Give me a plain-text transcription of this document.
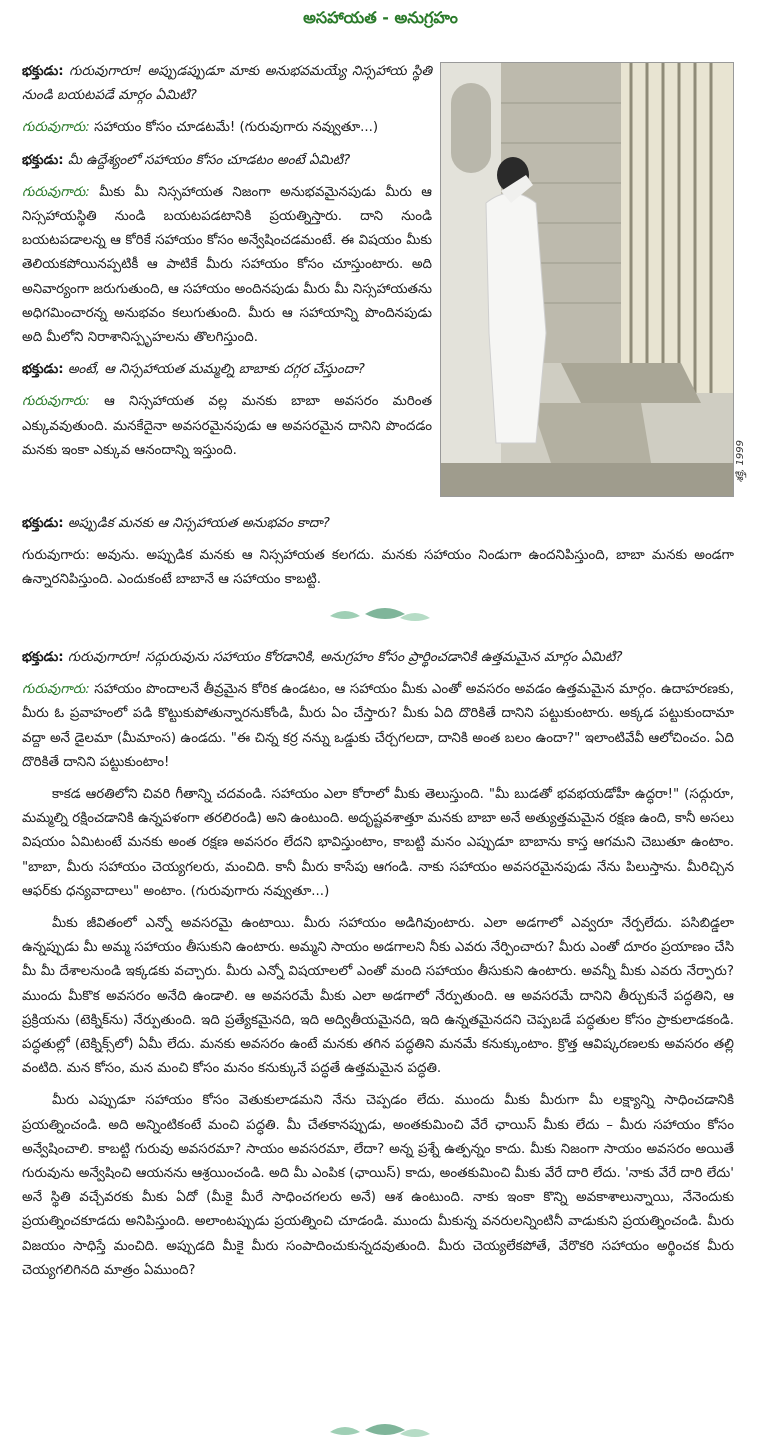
అసహాయత - అనుగ్రహం

భక్తుడు: గురువుగారూ! అప్పుడప్పుడూ మాకు అనుభవమయ్యే నిస్సహాయ స్థితి నుండి బయటపడే మార్గం ఏమిటి?

గురువుగారు: సహాయం కోసం చూడటమే! (గురువుగారు నవ్వుతూ...)

భక్తుడు: మీ ఉద్దేశ్యంలో సహాయం కోసం చూడటం అంటే ఏమిటి?

గురువుగారు: మీకు మీ నిస్సహాయత నిజంగా అనుభవమైనపుడు మీరు ఆ నిస్సహాయస్థితి నుండి బయటపడటానికి ప్రయత్నిస్తారు. దాని నుండి బయటపడాలన్న ఆ కోరికే సహాయం కోసం అన్వేషించడమంటే. ఈ విషయం మీకు తెలియకపోయినప్పటికీ ఆ పాటికే మీరు సహాయం కోసం చూస్తుంటారు. అది అనివార్యంగా జరుగుతుంది, ఆ సహాయం అందినపుడు మీరు మీ నిస్సహాయతను అధిగమించారన్న అనుభవం కలుగుతుంది. మీరు ఆ సహాయాన్ని పొందినపుడు అది మీలోని నిరాశానిస్పృహలను తొలగిస్తుంది.

భక్తుడు: అంటే, ఆ నిస్సహాయత మమ్మల్ని బాబాకు దగ్గర చేస్తుందా?

గురువుగారు: ఆ నిస్సహాయత వల్ల మనకు బాబా అవసరం మరింత ఎక్కువవుతుంది. మనకేదైనా అవసరమైనపుడు ఆ అవసరమైన దానిని పొందడం మనకు ఇంకా ఎక్కువ ఆనందాన్ని ఇస్తుంది.	శక్తి, 1999

భక్తుడు: అప్పుడిక మనకు ఆ నిస్సహాయత అనుభవం కాదా?

గురువుగారు: అవును. అప్పుడిక మనకు ఆ నిస్సహాయత కలగదు. మనకు సహాయం నిండుగా ఉందనిపిస్తుంది, బాబా మనకు అండగా ఉన్నారనిపిస్తుంది. ఎందుకంటే బాబానే ఆ సహాయం కాబట్టి.

భక్తుడు: గురువుగారూ! సద్గురువును సహాయం కోరడానికి, అనుగ్రహం కోసం ప్రార్థించడానికి ఉత్తమమైన మార్గం ఏమిటి?

గురువుగారు: సహాయం పొందాలనే తీవ్రమైన కోరిక ఉండటం, ఆ సహాయం మీకు ఎంతో అవసరం అవడం ఉత్తమమైన మార్గం. ఉదాహరణకు, మీరు ఓ ప్రవాహంలో పడి కొట్టుకుపోతున్నారనుకోండి, మీరు ఏం చేస్తారు? మీకు ఏది దొరికితే దానిని పట్టుకుంటారు. అక్కడ పట్టుకుందామా వద్దా అనే డైలమా (మీమాంస) ఉండదు. "ఈ చిన్న కర్ర నన్ను ఒడ్డుకు చేర్చగలదా, దానికి అంత బలం ఉందా?" ఇలాంటివేవీ ఆలోచించం. ఏది దొరికితే దానిని పట్టుకుంటాం!

కాకడ ఆరతిలోని చివరి గీతాన్ని చదవండి. సహాయం ఎలా కోరాలో మీకు తెలుస్తుంది. "మీ బుడతో భవభయడోహీ ఉద్ధరా!" (సద్గురూ, మమ్మల్ని రక్షించడానికి ఉన్నపళంగా తరలిరండి) అని ఉంటుంది. అదృష్టవశాత్తూ మనకు బాబా అనే అత్యుత్తమమైన రక్షణ ఉంది, కానీ అసలు విషయం ఏమిటంటే మనకు అంత రక్షణ అవసరం లేదని భావిస్తుంటాం, కాబట్టి మనం ఎప్పుడూ బాబాను కాస్త ఆగమని చెబుతూ ఉంటాం. "బాబా, మీరు సహాయం చెయ్యగలరు, మంచిది. కానీ మీరు కాసేపు ఆగండి. నాకు సహాయం అవసరమైనపుడు నేను పిలుస్తాను. మీరిచ్చిన ఆఫర్‌కు ధన్యవాదాలు" అంటాం. (గురువుగారు నవ్వుతూ...)

మీకు జీవితంలో ఎన్నో అవసరమై ఉంటాయి. మీరు సహాయం అడిగివుంటారు. ఎలా అడగాలో ఎవ్వరూ నేర్పలేదు. పసిబిడ్డలా ఉన్నప్పుడు మీ అమ్మ సహాయం తీసుకుని ఉంటారు. అమ్మని సాయం అడగాలని నీకు ఎవరు నేర్పించారు? మీరు ఎంతో దూరం ప్రయాణం చేసి మీ మీ దేశాలనుండి ఇక్కడకు వచ్చారు. మీరు ఎన్నో విషయాలలో ఎంతో మంది సహాయం తీసుకుని ఉంటారు. అవన్నీ మీకు ఎవరు నేర్పారు? ముందు మీకొక అవసరం అనేది ఉండాలి. ఆ అవసరమే మీకు ఎలా అడగాలో నేర్పుతుంది. ఆ అవసరమే దానిని తీర్చుకునే పద్ధతిని, ఆ ప్రక్రియను (టెక్నిక్‌ను) నేర్పుతుంది. ఇది ప్రత్యేకమైనది, ఇది అద్వితీయమైనది, ఇది ఉన్నతమైనదని చెప్పబడే పద్ధతుల కోసం ప్రాకులాడకండి. పద్ధతుల్లో (టెక్నిక్స్‌లో) ఏమీ లేదు. మనకు అవసరం ఉంటే మనకు తగిన పద్ధతిని మనమే కనుక్కుంటాం. క్రొత్త ఆవిష్కరణలకు అవసరం తల్లి వంటిది. మన కోసం, మన మంచి కోసం మనం కనుక్కునే పద్ధతే ఉత్తమమైన పద్ధతి.

మీరు ఎప్పుడూ సహాయం కోసం వెతుకులాడమని నేను చెప్పడం లేదు. ముందు మీకు మీరుగా మీ లక్ష్యాన్ని సాధించడానికి ప్రయత్నించండి. అది అన్నింటికంటే మంచి పద్ధతి. మీ చేతకానప్పుడు, అంతకుమించి వేరే ఛాయిస్ మీకు లేదు – మీరు సహాయం కోసం అన్వేషించాలి. కాబట్టి గురువు అవసరమా? సాయం అవసరమా, లేదా? అన్న ప్రశ్నే ఉత్పన్నం కాదు. మీకు నిజంగా సాయం అవసరం అయితే గురువును అన్వేషించి ఆయనను ఆశ్రయించండి. అది మీ ఎంపిక (ఛాయిస్) కాదు, అంతకుమించి మీకు వేరే దారి లేదు. 'నాకు వేరే దారి లేదు' అనే స్థితి వచ్చేవరకు మీకు ఏదో (మీకై మీరే సాధించగలరు అనే) ఆశ ఉంటుంది. నాకు ఇంకా కొన్ని అవకాశాలున్నాయి, నేనెందుకు ప్రయత్నించకూడదు అనిపిస్తుంది. అలాంటప్పుడు ప్రయత్నించి చూడండి. ముందు మీకున్న వనరులన్నింటినీ వాడుకుని ప్రయత్నించండి. మీరు విజయం సాధిస్తే మంచిది. అప్పుడది మీకై మీరు సంపాదించుకున్నదవుతుంది. మీరు చెయ్యలేకపోతే, వేరొకరి సహాయం అర్థించక మీరు చెయ్యగలిగినది మాత్రం ఏముంది?
